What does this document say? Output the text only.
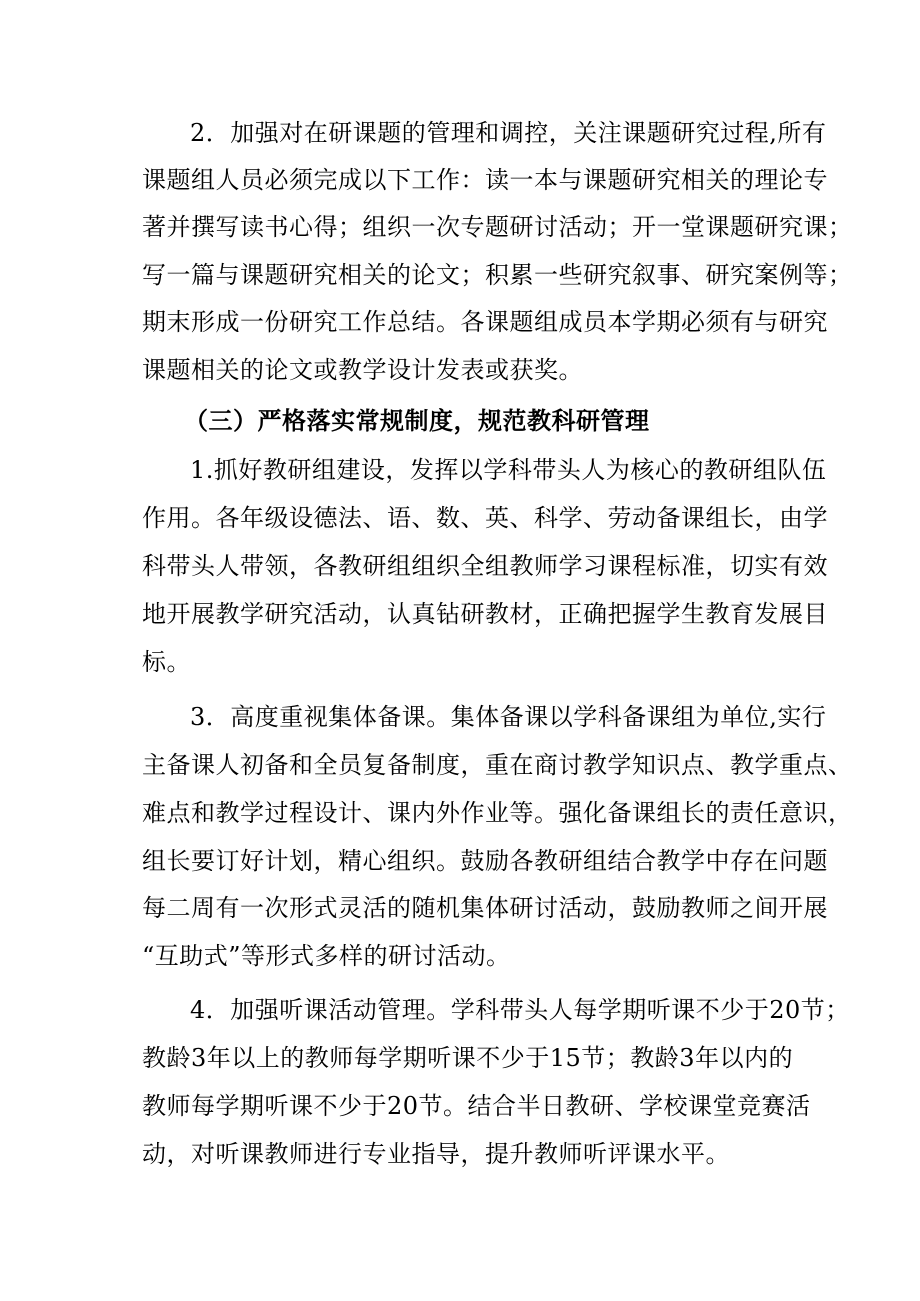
2．加强对在研课题的管理和调控，关注课题研究过程,所有
课题组人员必须完成以下工作：读一本与课题研究相关的理论专
著并撰写读书心得；组织一次专题研讨活动；开一堂课题研究课；
写一篇与课题研究相关的论文；积累一些研究叙事、研究案例等；
期末形成一份研究工作总结。各课题组成员本学期必须有与研究
课题相关的论文或教学设计发表或获奖。
（三）严格落实常规制度，规范教科研管理
1.抓好教研组建设，发挥以学科带头人为核心的教研组队伍
作用。各年级设德法、语、数、英、科学、劳动备课组长，由学
科带头人带领，各教研组组织全组教师学习课程标准，切实有效
地开展教学研究活动，认真钻研教材，正确把握学生教育发展目
标。
3．高度重视集体备课。集体备课以学科备课组为单位,实行
主备课人初备和全员复备制度，重在商讨教学知识点、教学重点、
难点和教学过程设计、课内外作业等。强化备课组长的责任意识，
组长要订好计划，精心组织。鼓励各教研组结合教学中存在问题
每二周有一次形式灵活的随机集体研讨活动，鼓励教师之间开展
“互助式”等形式多样的研讨活动。
4．加强听课活动管理。学科带头人每学期听课不少于20节；
教龄3年以上的教师每学期听课不少于15节；教龄3年以内的
教师每学期听课不少于20节。结合半日教研、学校课堂竞赛活
动，对听课教师进行专业指导，提升教师听评课水平。
